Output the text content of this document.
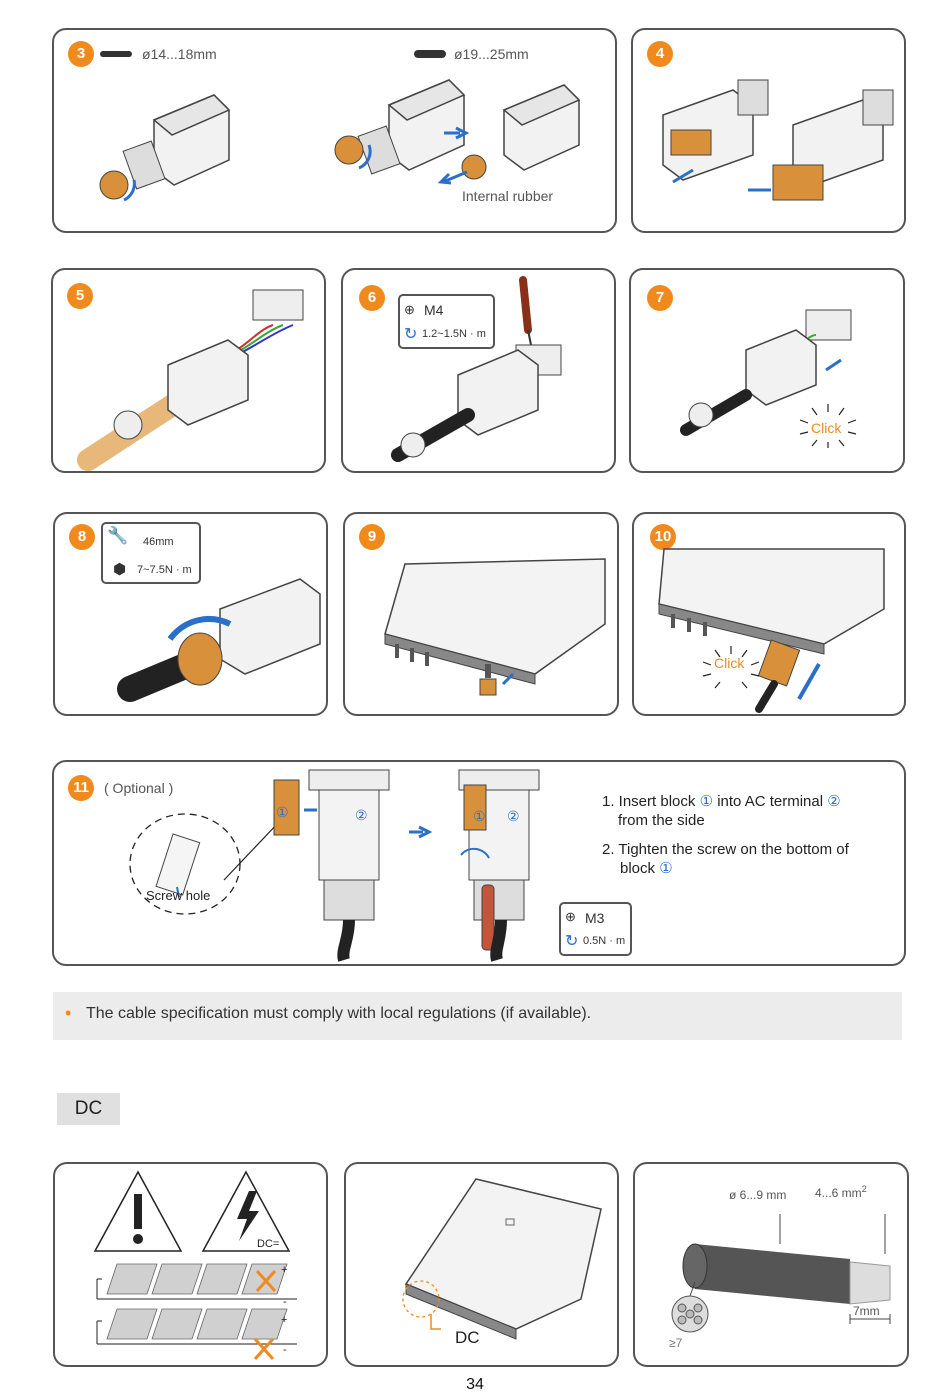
3	ø14...18mm	ø19...25mm
Internal rubber
4
5	6
⊕ M4
↻ 1.2~1.5N · m
7
Click
8	🔧 46mm
⬢ 7~7.5N · m
9	10
Click
11	( Optional )
Screw hole
①	②	① ②
1. Insert block ① into AC terminal ②
from the side
2. Tighten the screw on the bottom of
block ①
⊕ M3
↻ 0.5N · m
• The cable specification must comply with local regulations (if available).
DC
DC=
+
-
+
-
DC
ø 6...9 mm 4...6 $mm^2$
7mm
≥7
34
